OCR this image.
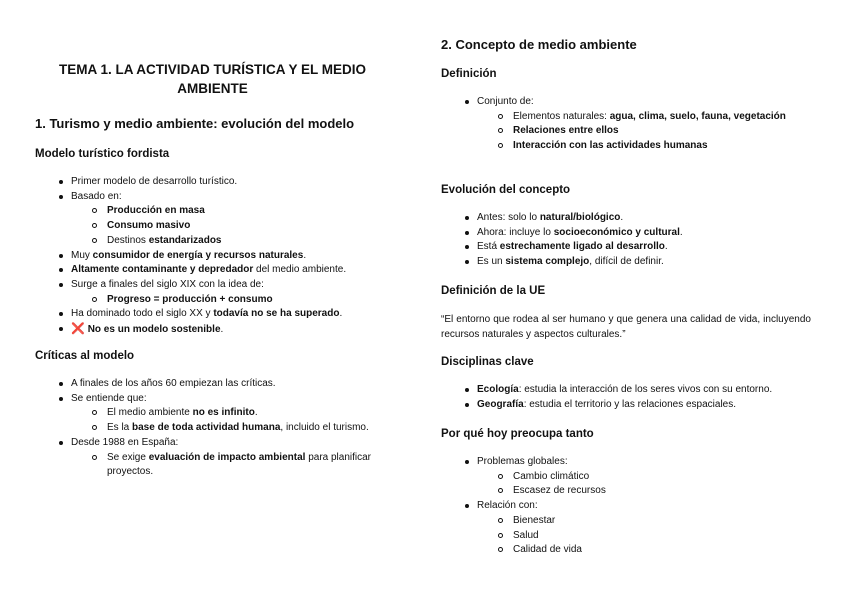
TEMA 1. LA ACTIVIDAD TURÍSTICA Y EL MEDIO AMBIENTE
1. Turismo y medio ambiente: evolución del modelo
Modelo turístico fordista
Primer modelo de desarrollo turístico.
Basado en:
Producción en masa
Consumo masivo
Destinos estandarizados
Muy consumidor de energía y recursos naturales.
Altamente contaminante y depredador del medio ambiente.
Surge a finales del siglo XIX con la idea de:
Progreso = producción + consumo
Ha dominado todo el siglo XX y todavía no se ha superado.
❌ No es un modelo sostenible.
Críticas al modelo
A finales de los años 60 empiezan las críticas.
Se entiende que:
El medio ambiente no es infinito.
Es la base de toda actividad humana, incluido el turismo.
Desde 1988 en España:
Se exige evaluación de impacto ambiental para planificar proyectos.
2. Concepto de medio ambiente
Definición
Conjunto de:
Elementos naturales: agua, clima, suelo, fauna, vegetación
Relaciones entre ellos
Interacción con las actividades humanas
Evolución del concepto
Antes: solo lo natural/biológico.
Ahora: incluye lo socioeconómico y cultural.
Está estrechamente ligado al desarrollo.
Es un sistema complejo, difícil de definir.
Definición de la UE
“El entorno que rodea al ser humano y que genera una calidad de vida, incluyendo recursos naturales y aspectos culturales.”
Disciplinas clave
Ecología: estudia la interacción de los seres vivos con su entorno.
Geografía: estudia el territorio y las relaciones espaciales.
Por qué hoy preocupa tanto
Problemas globales:
Cambio climático
Escasez de recursos
Relación con:
Bienestar
Salud
Calidad de vida
